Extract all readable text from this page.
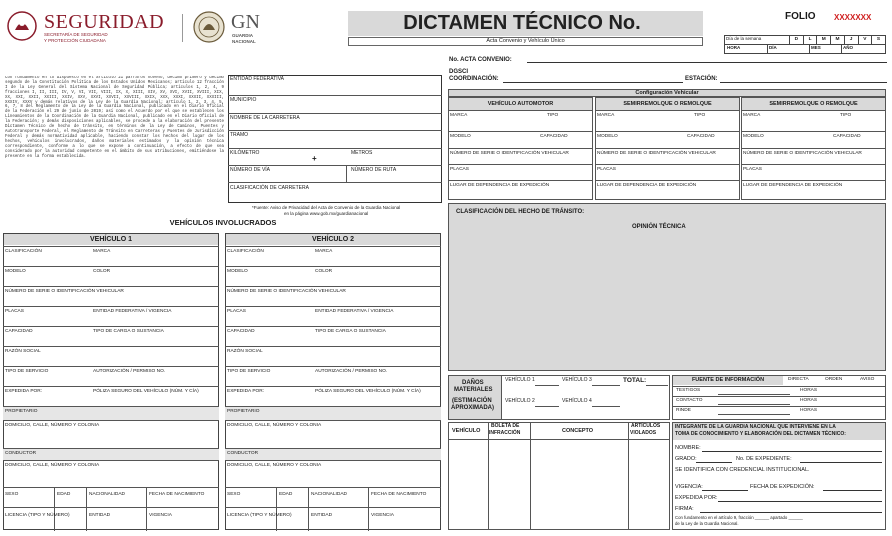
SEGURIDAD
SECRETARÍA DE SEGURIDAD
Y PROTECCIÓN CIUDADANA
GN
GUARDIA
NACIONAL
DICTAMEN TÉCNICO No.
Acta Convenio y Vehículo Único
FOLIO XXXXXXX
Día de la semana	D	L	M	M	J	V	S
HORA	DÍA	MES	AÑO
No. ACTA CONVENIO:
DGSCI
COORDINACIÓN:	ESTACIÓN:
Con fundamento en lo dispuesto en el artículo 21 párrafos noveno, décimo primero y décimo segundo de la Constitución Política de los Estados Unidos Mexicanos; artículo 12 fracción I de la Ley General del Sistema Nacional de Seguridad Pública; artículos 1, 2, 4, 9 fracciones I, II, III, IV, V, VI, VII, VIII, IX, X, XIII, XIV, XV, XVI, XVII, XVIII, XIX, XX, XXI, XXII, XXIII, XXIV, XXV, XXVI, XXVII, XXVIII, XXIX, XXX, XXXI, XXXII, XXXIII, XXXIV, XXXV y demás relativos de la Ley de la Guardia Nacional; artículo 1, 2, 3, 4, 5, 6, 7, 8 del Reglamento de la Ley de la Guardia Nacional, publicado en el Diario Oficial de la Federación el 29 de junio de 2019; así como el Acuerdo por el que se establecen los Lineamientos de la Coordinación de la Guardia Nacional, publicado en el Diario Oficial de la Federación; y demás disposiciones aplicables, se procede a la elaboración del presente Dictamen Técnico de hecho de tránsito, en términos de la Ley de Caminos, Puentes y Autotransporte Federal, el Reglamento de Tránsito en Carreteras y Puentes de Jurisdicción Federal y demás normatividad aplicable, haciendo constar los hechos del lugar de los hechos, vehículos involucrados, daños materiales estimados y la opinión técnica correspondiente, conforme a lo que se expone a continuación, a efecto de que sea considerado por la autoridad competente en el ámbito de sus atribuciones, emitiéndose la presente en la forma establecida.
ENTIDAD FEDERATIVA
MUNICIPIO
NOMBRE DE LA CARRETERA
TRAMO
KILÓMETRO
+
METROS
NÚMERO DE VÍA	NÚMERO DE RUTA
CLASIFICACIÓN DE CARRETERA
*Fuente: Aviso de Privacidad del Acta de Convenio de la Guardia Nacional
en la página www.gob.mx/guardianacional
VEHÍCULOS INVOLUCRADOS
VEHÍCULO 1
CLASIFICACIÓN	MARCA
MODELO	COLOR
NÚMERO DE SERIE O IDENTIFICACIÓN VEHICULAR
PLACAS	ENTIDAD FEDERATIVA / VIGENCIA
CAPACIDAD	TIPO DE CARGA O SUSTANCIA
RAZÓN SOCIAL
TIPO DE SERVICIO	AUTORIZACIÓN / PERMISO NO.
EXPEDIDA POR:	PÓLIZA SEGURO DEL VEHÍCULO (NÚM. Y CÍA)
PROPIETARIO
DOMICILIO, CALLE, NÚMERO Y COLONIA
CONDUCTOR
DOMICILIO, CALLE, NÚMERO Y COLONIA
SEXO	EDAD	NACIONALIDAD	FECHA DE NACIMIENTO
LICENCIA (TIPO Y NÚMERO)	ENTIDAD	VIGENCIA
VEHÍCULO 2
CLASIFICACIÓN	MARCA
MODELO	COLOR
NÚMERO DE SERIE O IDENTIFICACIÓN VEHICULAR
PLACAS	ENTIDAD FEDERATIVA / VIGENCIA
CAPACIDAD	TIPO DE CARGA O SUSTANCIA
RAZÓN SOCIAL
TIPO DE SERVICIO	AUTORIZACIÓN / PERMISO NO.
EXPEDIDA POR:	PÓLIZA SEGURO DEL VEHÍCULO (NÚM. Y CÍA)
PROPIETARIO
DOMICILIO, CALLE, NÚMERO Y COLONIA
CONDUCTOR
DOMICILIO, CALLE, NÚMERO Y COLONIA
SEXO	EDAD	NACIONALIDAD	FECHA DE NACIMIENTO
LICENCIA (TIPO Y NÚMERO)	ENTIDAD	VIGENCIA
Configuración Vehicular
VEHÍCULO AUTOMOTOR
MARCA	TIPO
MODELO	CAPACIDAD
NÚMERO DE SERIE O IDENTIFICACIÓN VEHICULAR
PLACAS
LUGAR DE DEPENDENCIA DE EXPEDICIÓN
SEMIRREMOLQUE O REMOLQUE
MARCA	TIPO
MODELO	CAPACIDAD
NÚMERO DE SERIE O IDENTIFICACIÓN VEHICULAR
PLACAS
LUGAR DE DEPENDENCIA DE EXPEDICIÓN
SEMIRREMOLQUE O REMOLQUE
MARCA	TIPO
MODELO	CAPACIDAD
NÚMERO DE SERIE O IDENTIFICACIÓN VEHICULAR
PLACAS
LUGAR DE DEPENDENCIA DE EXPEDICIÓN
CLASIFICACIÓN DEL HECHO DE TRÁNSITO:
OPINIÓN TÉCNICA
DAÑOS
MATERIALES
(ESTIMACIÓN
APROXIMADA)
VEHÍCULO 1	VEHÍCULO 3	TOTAL:
VEHÍCULO 2	VEHÍCULO 4
FUENTE DE INFORMACIÓN	DIRECTA	ORDEN	AVISO
TESTIGOS	HORAS
CONTACTO	HORAS
RINDE	HORAS
VEHÍCULO
BOLETA DE
INFRACCIÓN	CONCEPTO
ARTÍCULOS
VIOLADOS
INTEGRANTE DE LA GUARDIA NACIONAL QUE INTERVIENE EN LA
TOMA DE CONOCIMIENTO Y ELABORACIÓN DEL DICTAMEN TÉCNICO:
NOMBRE:
GRADO:	No. DE EXPEDIENTE:
SE IDENTIFICA CON CREDENCIAL INSTITUCIONAL.
VIGENCIA:	FECHA DE EXPEDICIÓN:
EXPEDIDA POR:
FIRMA:
Con fundamento en el artículo 9, fracción ______ apartado ______
de la Ley de la Guardia Nacional.
